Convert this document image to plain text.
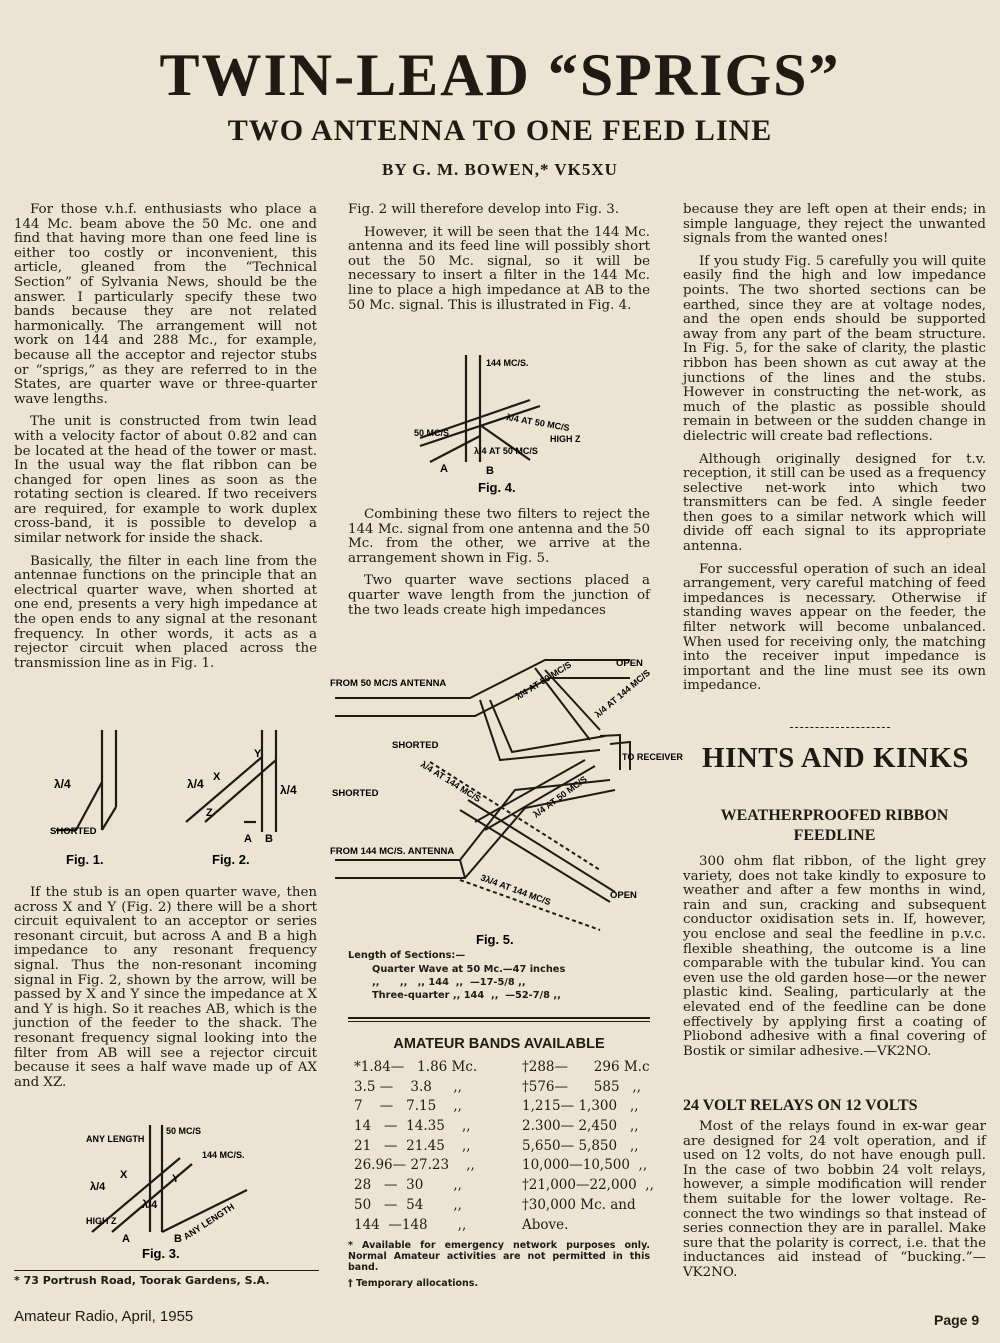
TWIN-LEAD “SPRIGS”
TWO ANTENNA TO ONE FEED LINE
BY G. M. BOWEN,* VK5XU

For those v.h.f. enthusiasts who place a 144 Mc. beam above the 50 Mc. one and find that having more than one feed line is either too costly or inconvenient, this article, gleaned from the “Technical Section” of Sylvania News, should be the answer. I particularly specify these two bands because they are not related harmonically. The arrangement will not work on 144 and 288 Mc., for example, because all the acceptor and rejector stubs or “sprigs,” as they are referred to in the States, are quarter wave or three-quarter wave lengths.

The unit is constructed from twin lead with a velocity factor of about 0.82 and can be located at the head of the tower or mast. In the usual way the flat ribbon can be changed for open lines as soon as the rotating section is cleared. If two receivers are required, for example to work duplex cross-band, it is possible to develop a similar network for inside the shack.

Basically, the filter in each line from the antennae functions on the principle that an electrical quarter wave, when shorted at one end, presents a very high impedance at the open ends to any signal at the resonant frequency. In other words, it acts as a rejector circuit when placed across the transmission line as in Fig. 1.

λ/4
SHORTED
λ/4 X
Y
Z
A B
λ/4
Fig. 1.	Fig. 2.

If the stub is an open quarter wave, then across X and Y (Fig. 2) there will be a short circuit equivalent to an acceptor or series resonant circuit, but across A and B a high impedance to any resonant frequency signal. Thus the non-resonant incoming signal in Fig. 2, shown by the arrow, will be passed by X and Y since the impedance at X and Y is high. So it reaches AB, which is the junction of the feeder to the shack. The resonant frequency signal looking into the filter from AB will see a rejector circuit because it sees a half wave made up of AX and XZ.

ANY LENGTH
50 MC/S
144 MC/S.
λ/4
X	Y
HIGH Z
λ/4
A	B ANY LENGTH
Fig. 3.
* 73 Portrush Road, Toorak Gardens, S.A.

Fig. 2 will therefore develop into Fig. 3.

However, it will be seen that the 144 Mc. antenna and its feed line will possibly short out the 50 Mc. signal, so it will be necessary to insert a filter in the 144 Mc. line to place a high impedance at AB to the 50 Mc. signal. This is illustrated in Fig. 4.

144 MC/S.
λ/4 AT 50 MC/S
HIGH Z
50 MC/S
λ/4 AT 50 MC/S
A	B
Fig. 4.

Combining these two filters to reject the 144 Mc. signal from one antenna and the 50 Mc. from the other, we arrive at the arrangement shown in Fig. 5.

Two quarter wave sections placed a quarter wave length from the junction of the two leads create high impedances

FROM 50 MC/S ANTENNA
SHORTED
SHORTED
FROM 144 MC/S. ANTENNA
OPEN
OPEN
TO RECEIVER
λ/4 AT 50 MC/S λ/4 AT 144 MC/S
λ/4 AT 144 MC/S	λ/4 AT 50 MC/S
3λ/4 AT 144 MC/S
Fig. 5.
Length of Sections:—
Quarter Wave at 50 Mc.—47 inches
,,      ,,   ,, 144  ,,  —17-5/8 ,,
Three-quarter ,, 144  ,,  —52-7/8 ,,
AMATEUR BANDS AVAILABLE
*1.84—   1.86 Mc.	†288—      296 M.c
3.5 —    3.8     ,,	†576—      585   ,,
7    —   7.15    ,,	1,215— 1,300   ,,
14   —  14.35    ,,	2.300— 2,450   ,,
21   —  21.45    ,,	5,650— 5,850   ,,
26.96— 27.23    ,,	10,000—10,500  ,,
28   —  30       ,,	†21,000—22,000  ,,
50   —  54       ,,	†30,000 Mc. and
144  —148       ,,	Above.
* Available for emergency network purposes only. Normal Amateur activities are not permitted in this band.
† Temporary allocations.

because they are left open at their ends; in simple language, they reject the unwanted signals from the wanted ones!

If you study Fig. 5 carefully you will quite easily find the high and low impedance points. The two shorted sections can be earthed, since they are at voltage nodes, and the open ends should be supported away from any part of the beam structure. In Fig. 5, for the sake of clarity, the plastic ribbon has been shown as cut away at the junctions of the lines and the stubs. However in constructing the net-work, as much of the plastic as possible should remain in between or the sudden change in dielectric will create bad reflections.

Although originally designed for t.v. reception, it still can be used as a frequency selective net-work into which two transmitters can be fed. A single feeder then goes to a similar network which will divide off each signal to its appropriate antenna.

For successful operation of such an ideal arrangement, very careful matching of feed impedances is necessary. Otherwise if standing waves appear on the feeder, the filter network will become unbalanced. When used for receiving only, the matching into the receiver input impedance is important and the line must see its own impedance.

HINTS AND KINKS
WEATHERPROOFED RIBBON FEEDLINE

300 ohm flat ribbon, of the light grey variety, does not take kindly to exposure to weather and after a few months in wind, rain and sun, cracking and subsequent conductor oxidisation sets in. If, however, you enclose and seal the feedline in p.v.c. flexible sheathing, the outcome is a line comparable with the tubular kind. You can even use the old garden hose—or the newer plastic kind. Sealing, particularly at the elevated end of the feedline can be done effectively by applying first a coating of Pliobond adhesive with a final covering of Bostik or similar adhesive.—VK2NO.

24 VOLT RELAYS ON 12 VOLTS

Most of the relays found in ex-war gear are designed for 24 volt operation, and if used on 12 volts, do not have enough pull. In the case of two bobbin 24 volt relays, however, a simple modification will render them suitable for the lower voltage. Re-connect the two windings so that instead of series connection they are in parallel. Make sure that the polarity is correct, i.e. that the inductances aid instead of “bucking.”—VK2NO.

Amateur Radio, April, 1955	Page 9
